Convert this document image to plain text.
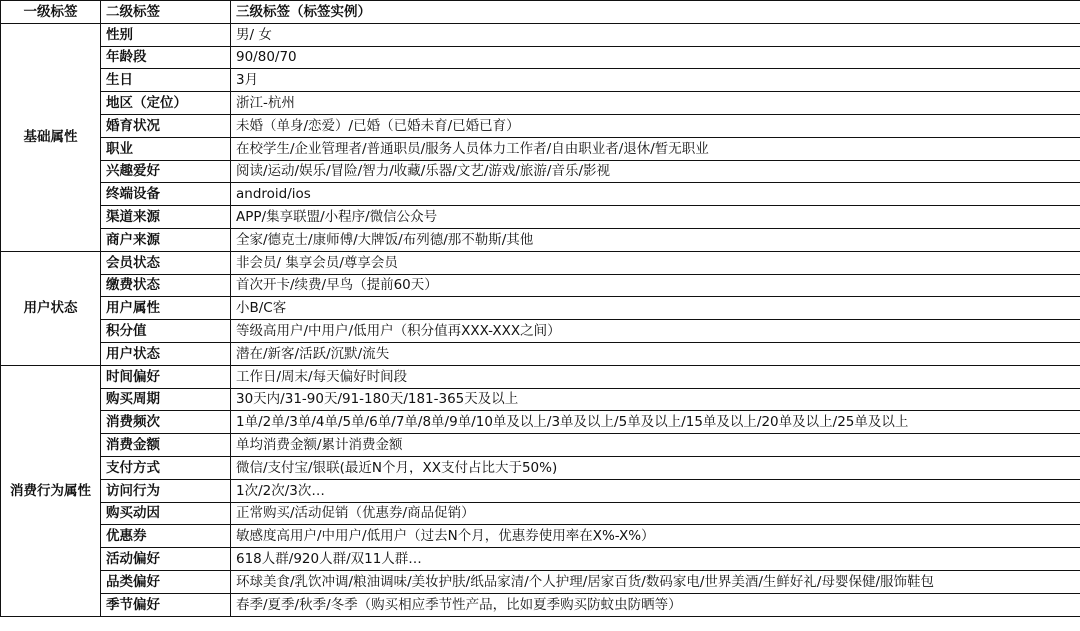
一级标签	二级标签	三级标签（标签实例）
基础属性	性别	男/ 女
	年龄段	90/80/70
	生日	3月
	地区（定位）	浙江-杭州
	婚育状况	未婚（单身/恋爱）/已婚（已婚未育/已婚已育）
	职业	在校学生/企业管理者/普通职员/服务人员体力工作者/自由职业者/退休/暂无职业
	兴趣爱好	阅读/运动/娱乐/冒险/智力/收藏/乐器/文艺/游戏/旅游/音乐/影视
	终端设备	android/ios
	渠道来源	APP/集享联盟/小程序/微信公众号
	商户来源	全家/德克士/康师傅/大牌饭/布列德/那不勒斯/其他
用户状态	会员状态	非会员/ 集享会员/尊享会员
	缴费状态	首次开卡/续费/早鸟（提前60天）
	用户属性	小B/C客
	积分值	等级高用户/中用户/低用户（积分值再XXX-XXX之间）
	用户状态	潜在/新客/活跃/沉默/流失
消费行为属性	时间偏好	工作日/周末/每天偏好时间段
	购买周期	30天内/31-90天/91-180天/181-365天及以上
	消费频次	1单/2单/3单/4单/5单/6单/7单/8单/9单/10单及以上/3单及以上/5单及以上/15单及以上/20单及以上/25单及以上
	消费金额	单均消费金额/累计消费金额
	支付方式	微信/支付宝/银联(最近N个月，XX支付占比大于50%)
	访问行为	1次/2次/3次…
	购买动因	正常购买/活动促销（优惠券/商品促销）
	优惠券	敏感度高用户/中用户/低用户（过去N个月，优惠券使用率在X%-X%）
	活动偏好	618人群/920人群/双11人群…
	品类偏好	环球美食/乳饮冲调/粮油调味/美妆护肤/纸品家清/个人护理/居家百货/数码家电/世界美酒/生鲜好礼/母婴保健/服饰鞋包
	季节偏好	春季/夏季/秋季/冬季（购买相应季节性产品，比如夏季购买防蚊虫防晒等）
